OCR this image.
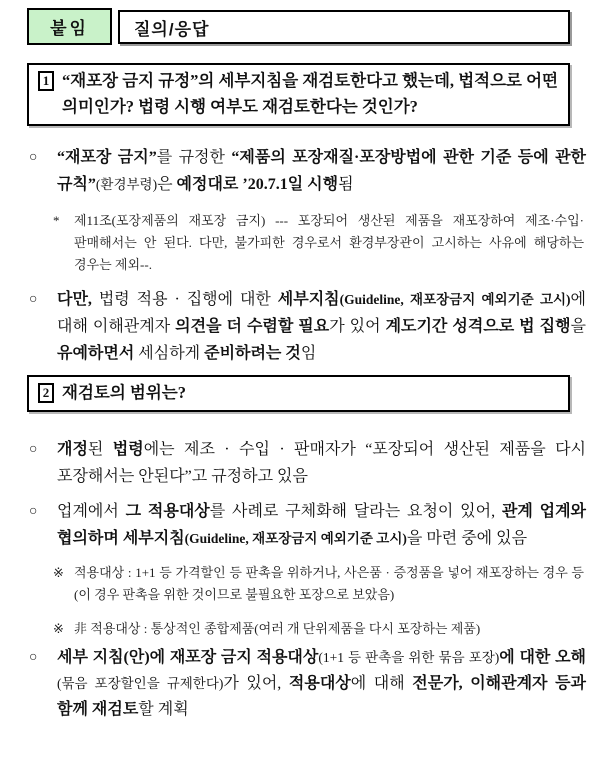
붙임	질의/응답
1 “재포장 금지 규정”의 세부지침을 재검토한다고 했는데, 법적으로 어떤 의미인가? 법령 시행 여부도 재검토한다는 것인가?
○	“재포장 금지”를 규정한 “제품의 포장재질·포장방법에 관한 기준 등에 관한 규칙”(환경부령)은 예정대로 ’20.7.1일 시행됨
*	제11조(포장제품의 재포장 금지) --- 포장되어 생산된 제품을 재포장하여 제조·수입·판매해서는 안 된다. 다만, 불가피한 경우로서 환경부장관이 고시하는 사유에 해당하는 경우는 제외--.
○	다만, 법령 적용 · 집행에 대한 세부지침(Guideline, 재포장금지 예외기준 고시)에 대해 이해관계자 의견을 더 수렴할 필요가 있어 계도기간 성격으로 법 집행을 유예하면서 세심하게 준비하려는 것임
2 재검토의 범위는?
○	개정된 법령에는 제조 · 수입 · 판매자가 “포장되어 생산된 제품을 다시 포장해서는 안된다”고 규정하고 있음
○	업계에서 그 적용대상를 사례로 구체화해 달라는 요청이 있어, 관계 업계와 협의하며 세부지침(Guideline, 재포장금지 예외기준 고시)을 마련 중에 있음
※ 적용대상 : 1+1 등 가격할인 등 판촉을 위하거나, 사은품 · 증정품을 넣어 재포장하는 경우 등(이 경우 판촉을 위한 것이므로 불필요한 포장으로 보았음)
※ 非 적용대상 : 통상적인 종합제품(여러 개 단위제품을 다시 포장하는 제품)
○	세부 지침(안)에 재포장 금지 적용대상(1+1 등 판촉을 위한 묶음 포장)에 대한 오해(묶음 포장할인을 규제한다)가 있어, 적용대상에 대해 전문가, 이해관계자 등과 함께 재검토할 계획
